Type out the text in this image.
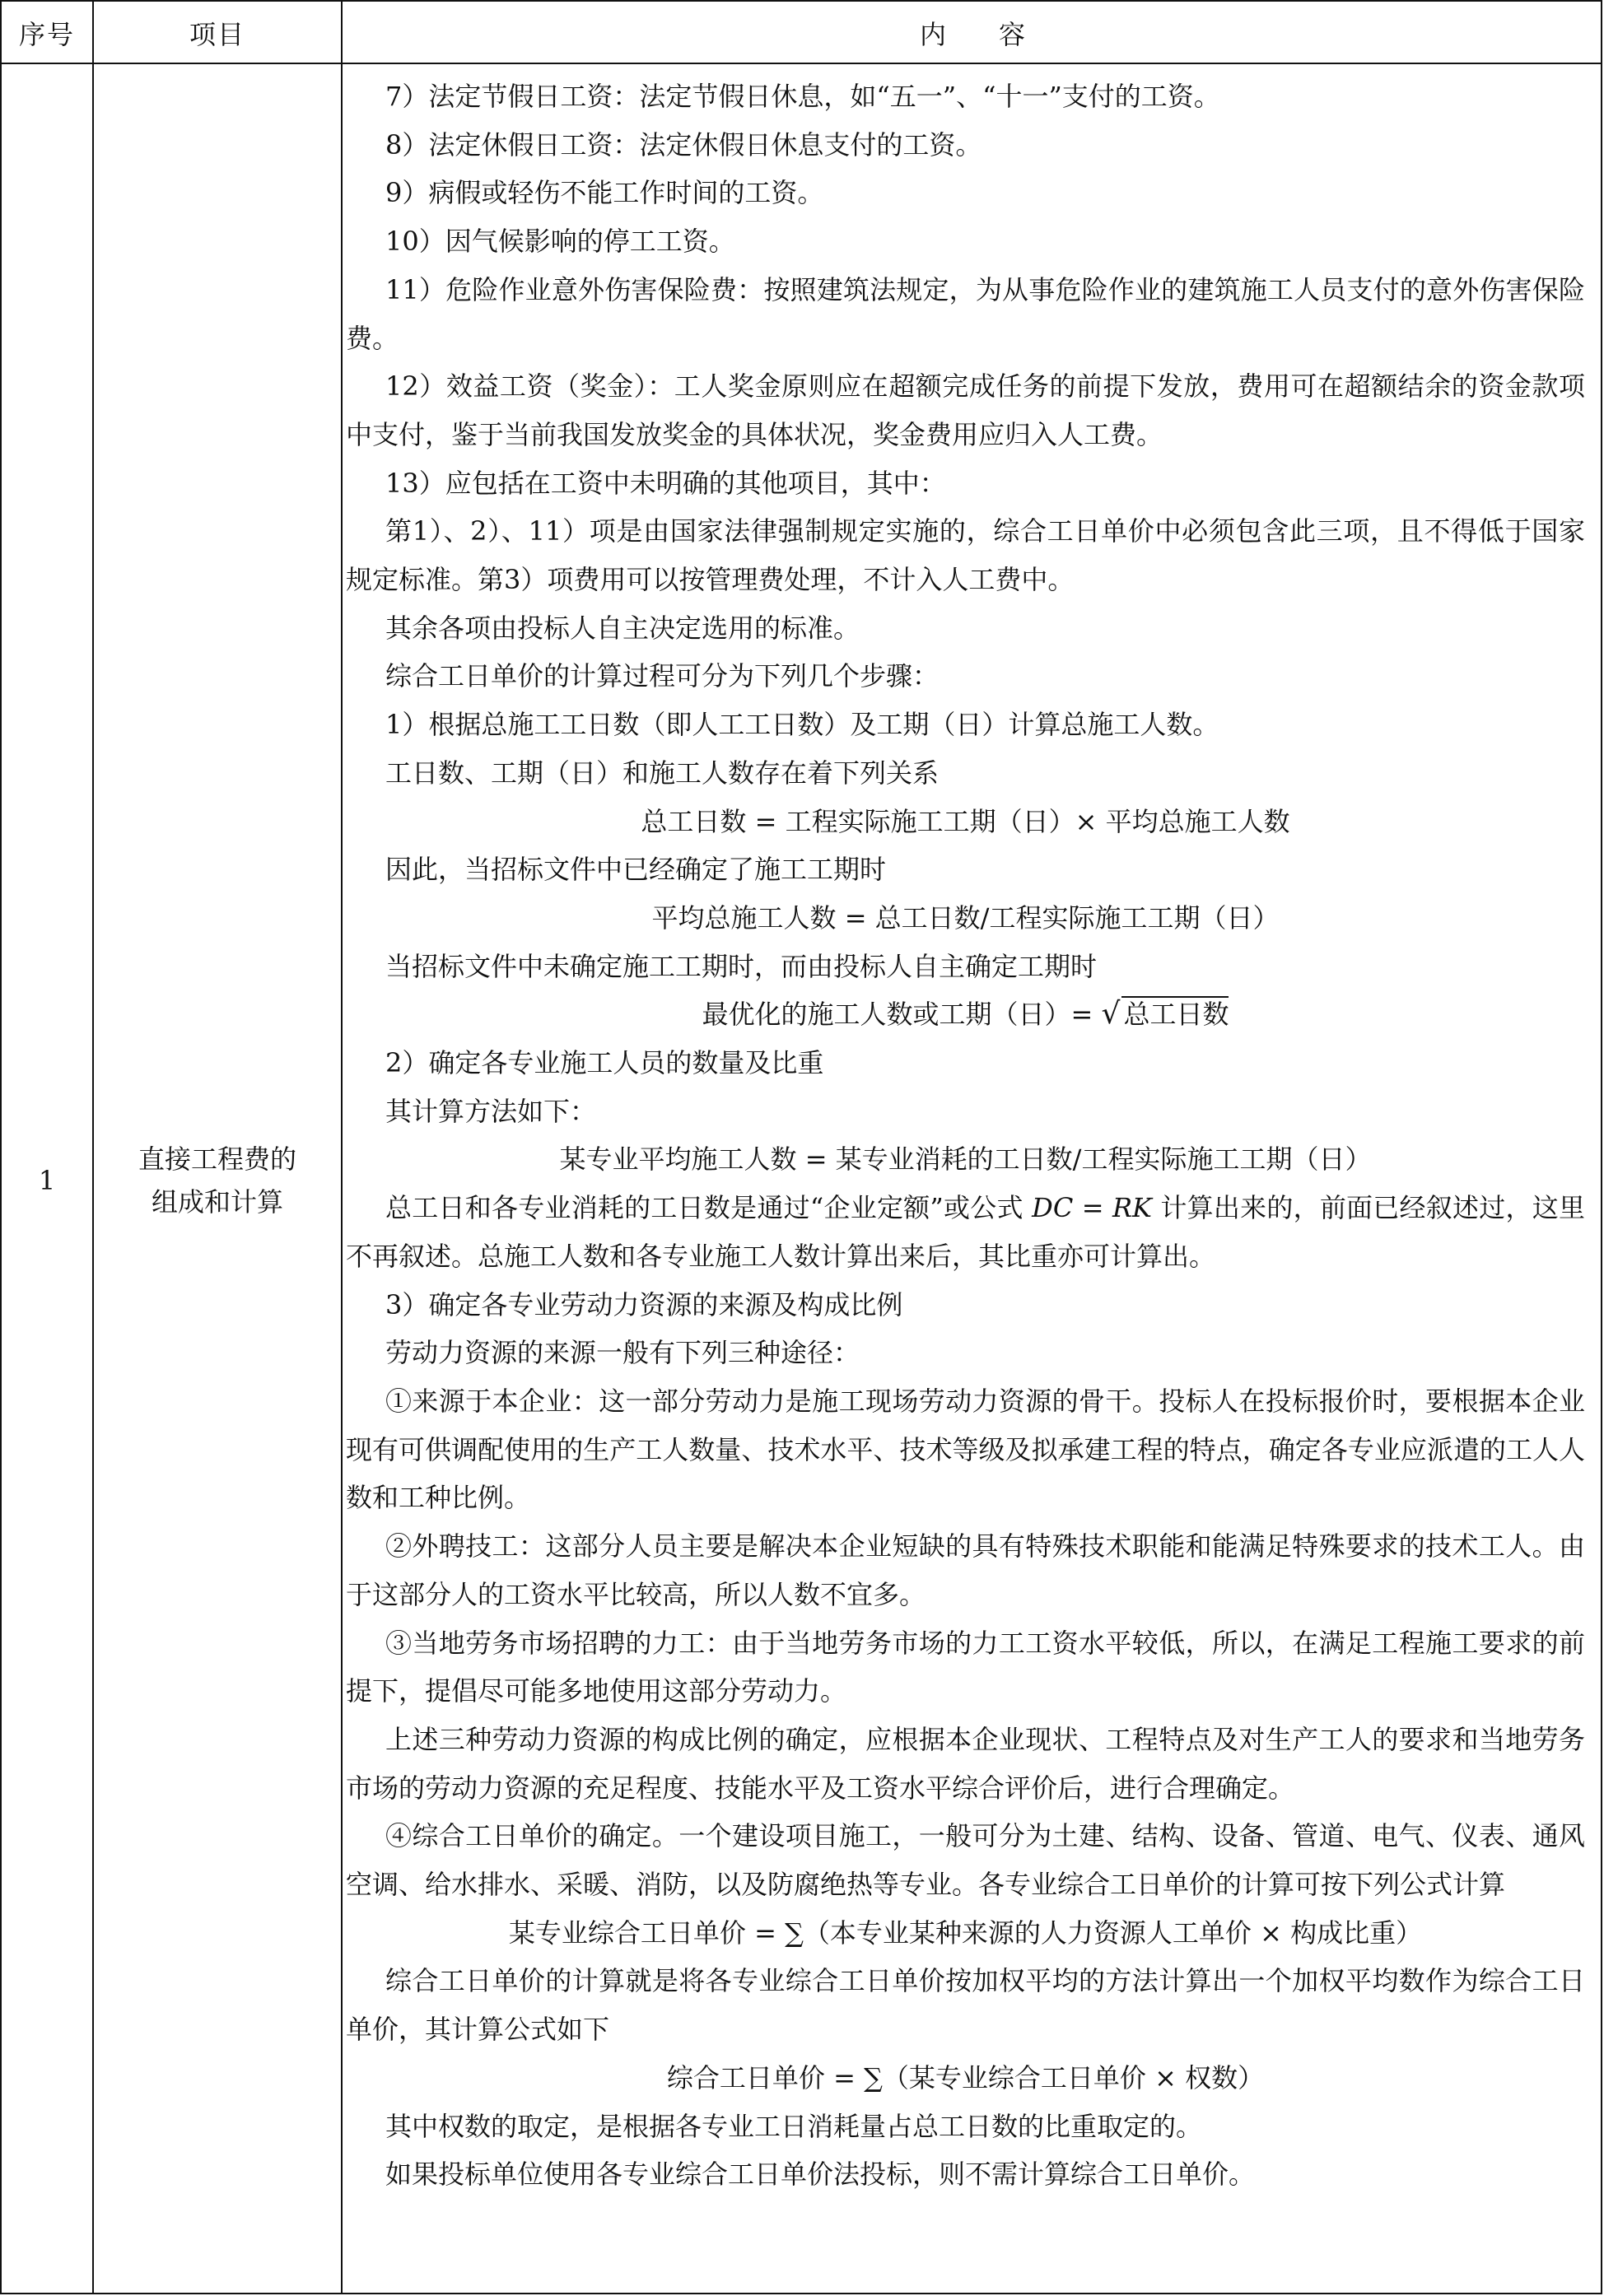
序号	项目	内 容
1
直接工程费的
组成和计算

7）法定节假日工资：法定节假日休息，如“五一”、“十一”支付的工资。

8）法定休假日工资：法定休假日休息支付的工资。

9）病假或轻伤不能工作时间的工资。

10）因气候影响的停工工资。

11）危险作业意外伤害保险费：按照建筑法规定，为从事危险作业的建筑施工人员支付的意外伤害保险费。

12）效益工资（奖金）：工人奖金原则应在超额完成任务的前提下发放，费用可在超额结余的资金款项中支付，鉴于当前我国发放奖金的具体状况，奖金费用应归入人工费。

13）应包括在工资中未明确的其他项目，其中：

第1）、2）、11）项是由国家法律强制规定实施的，综合工日单价中必须包含此三项，且不得低于国家规定标准。第3）项费用可以按管理费处理，不计入人工费中。

其余各项由投标人自主决定选用的标准。

综合工日单价的计算过程可分为下列几个步骤：

1）根据总施工工日数（即人工工日数）及工期（日）计算总施工人数。

工日数、工期（日）和施工人数存在着下列关系

总工日数 = 工程实际施工工期（日）× 平均总施工人数

因此，当招标文件中已经确定了施工工期时

平均总施工人数 = 总工日数/工程实际施工工期（日）

当招标文件中未确定施工工期时，而由投标人自主确定工期时

最优化的施工人数或工期（日）= √ 总工日数

2）确定各专业施工人员的数量及比重

其计算方法如下：

某专业平均施工人数 = 某专业消耗的工日数/工程实际施工工期（日）

总工日和各专业消耗的工日数是通过“企业定额”或公式 DC = RK 计算出来的，前面已经叙述过，这里不再叙述。总施工人数和各专业施工人数计算出来后，其比重亦可计算出。

3）确定各专业劳动力资源的来源及构成比例

劳动力资源的来源一般有下列三种途径：

①来源于本企业：这一部分劳动力是施工现场劳动力资源的骨干。投标人在投标报价时，要根据本企业现有可供调配使用的生产工人数量、技术水平、技术等级及拟承建工程的特点，确定各专业应派遣的工人人数和工种比例。

②外聘技工：这部分人员主要是解决本企业短缺的具有特殊技术职能和能满足特殊要求的技术工人。由于这部分人的工资水平比较高，所以人数不宜多。

③当地劳务市场招聘的力工：由于当地劳务市场的力工工资水平较低，所以，在满足工程施工要求的前提下，提倡尽可能多地使用这部分劳动力。

上述三种劳动力资源的构成比例的确定，应根据本企业现状、工程特点及对生产工人的要求和当地劳务市场的劳动力资源的充足程度、技能水平及工资水平综合评价后，进行合理确定。

④综合工日单价的确定。一个建设项目施工，一般可分为土建、结构、设备、管道、电气、仪表、通风空调、给水排水、采暖、消防，以及防腐绝热等专业。各专业综合工日单价的计算可按下列公式计算

某专业综合工日单价 = ∑（本专业某种来源的人力资源人工单价 × 构成比重）

综合工日单价的计算就是将各专业综合工日单价按加权平均的方法计算出一个加权平均数作为综合工日单价，其计算公式如下

综合工日单价 = ∑（某专业综合工日单价 × 权数）

其中权数的取定，是根据各专业工日消耗量占总工日数的比重取定的。

如果投标单位使用各专业综合工日单价法投标，则不需计算综合工日单价。
